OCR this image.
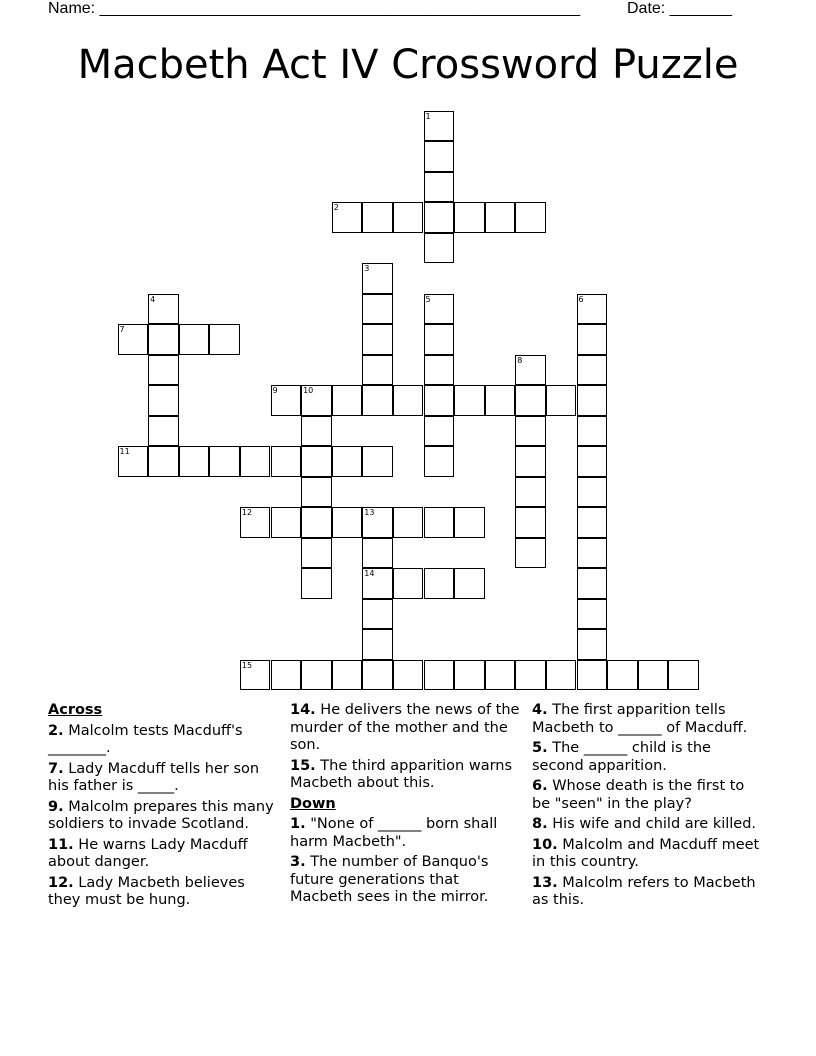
Name: ______________________________________________________	Date: _______
Macbeth Act IV Crossword Puzzle
1
2
3
4	5	6
7
8
9	10
11
12	13
14
15
Across
2. Malcolm tests Macduff's ________.
7. Lady Macduff tells her son his father is _____.
9. Malcolm prepares this many soldiers to invade Scotland.
11. He warns Lady Macduff about danger.
12. Lady Macbeth believes they must be hung.
14. He delivers the news of the murder of the mother and the son.
15. The third apparition warns Macbeth about this.
Down
1. "None of ______ born shall harm Macbeth".
3. The number of Banquo's future generations that Macbeth sees in the mirror.
4. The first apparition tells Macbeth to ______ of Macduff.
5. The ______ child is the second apparition.
6. Whose death is the first to be "seen" in the play?
8. His wife and child are killed.
10. Malcolm and Macduff meet in this country.
13. Malcolm refers to Macbeth as this.
